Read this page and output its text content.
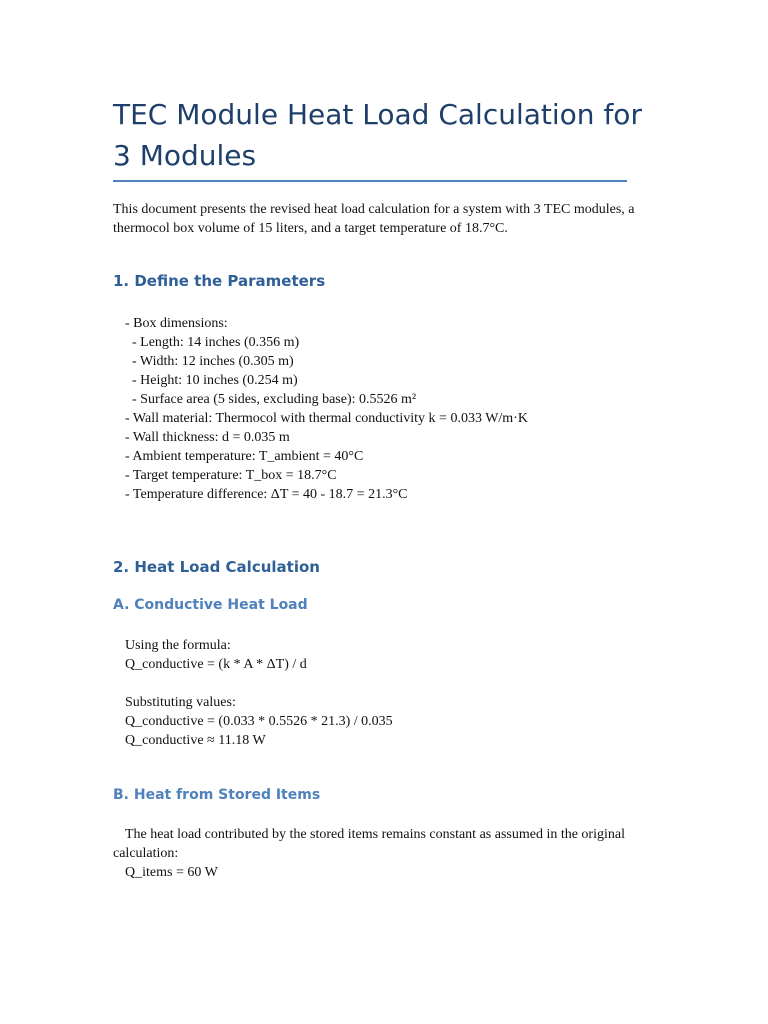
TEC Module Heat Load Calculation for 3 Modules

This document presents the revised heat load calculation for a system with 3 TEC modules, a thermocol box volume of 15 liters, and a target temperature of 18.7°C.

1. Define the Parameters
- Box dimensions:
- Length: 14 inches (0.356 m)
- Width: 12 inches (0.305 m)
- Height: 10 inches (0.254 m)
- Surface area (5 sides, excluding base): 0.5526 m²
- Wall material: Thermocol with thermal conductivity k = 0.033 W/m·K
- Wall thickness: d = 0.035 m
- Ambient temperature: T_ambient = 40°C
- Target temperature: T_box = 18.7°C
- Temperature difference: ΔT = 40 - 18.7 = 21.3°C
2. Heat Load Calculation
A. Conductive Heat Load
Using the formula:
Q_conductive = (k * A * ΔT) / d
Substituting values:
Q_conductive = (0.033 * 0.5526 * 21.3) / 0.035
Q_conductive ≈ 11.18 W
B. Heat from Stored Items

The heat load contributed by the stored items remains constant as assumed in the original calculation:

Q_items = 60 W
